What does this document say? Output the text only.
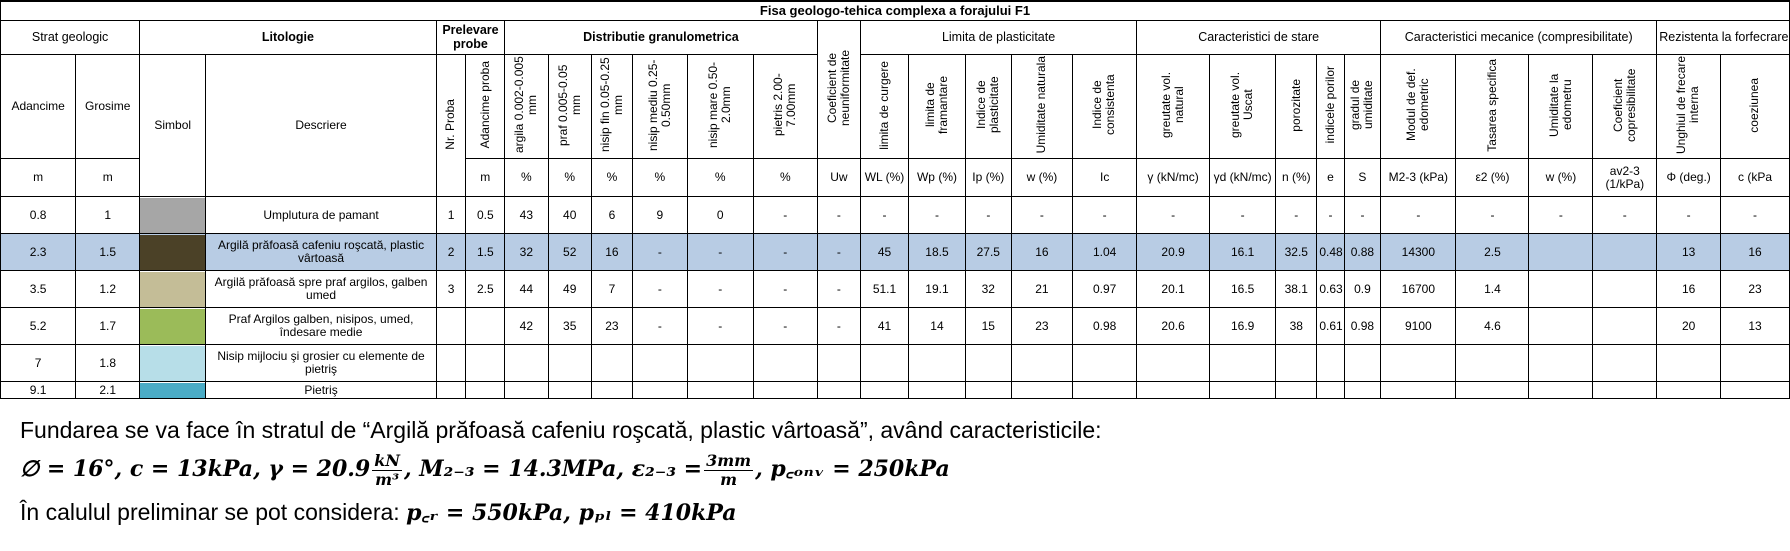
Fisa geologo-tehica complexa a forajului F1																												
Strat geologic		Litologie		Prelevare probe		Distributie granulometrica						Coeficient de neuniformitate	Limita de plasticitate					Caracteristici de stare					Caracteristici mecanice (compresibilitate)				Rezistenta la forfecrare	
Adancime	Grosime	Simbol	Descriere	Nr. Proba	Adancime proba	argila 0.002-0.005 mm	praf 0.005-0.05 mm	nisip fin 0.05-0.25 mm	nisip mediu 0.25-0.50mm	nisip mare 0.50-2.0mm	pietris 2.00-7.00mm		limita de curgere	limita de framantare	Indice de plasticitate	Umiditate naturala	Indice de consistenta	greutate vol. natural	greutate vol. Uscat	porozitate	indicele porilor	gradul de umiditate	Modul de def. edometric	Tasarea specifica	Umiditate la edometru	Coeficient copresibilitate	Unghiul de frecare interna	coeziunea
m	m				m	%	%	%	%	%	%	Uw	WL (%)	Wp (%)	Ip (%)	w (%)	Ic	γ (kN/mc)	γd (kN/mc)	n (%)	e	S	M2-3 (kPa)	ε2 (%)	w (%)	av2-3 (1/kPa)	Φ (deg.)	c (kPa
0.8	1		Umplutura de pamant	1	0.5	43	40	6	9	0	-	-	-	-	-	-	-	-	-	-	-	-	-	-	-	-	-	-
2.3	1.5		Argilă prăfoasă cafeniu roşcată, plastic vârtoasă	2	1.5	32	52	16	-	-	-	-	45	18.5	27.5	16	1.04	20.9	16.1	32.5	0.48	0.88	14300	2.5			13	16
3.5	1.2		Argilă prăfoasă spre praf argilos, galben umed	3	2.5	44	49	7	-	-	-	-	51.1	19.1	32	21	0.97	20.1	16.5	38.1	0.63	0.9	16700	1.4			16	23
5.2	1.7		Praf Argilos galben, nisipos, umed, îndesare medie			42	35	23	-	-	-	-	41	14	15	23	0.98	20.6	16.9	38	0.61	0.98	9100	4.6			20	13
7	1.8		Nisip mijlociu şi grosier cu elemente de pietriş																									
9.1	2.1		Pietriş																									
Fundarea se va face în stratul de “Argilă prăfoasă cafeniu roşcată, plastic vârtoasă”, având caracteristicile:
∅ = 16°, c = 13kPa, $\gamma = 20.9 \frac{kN}{\text{m³}}$ , M₂₋₃ = 14.3MPa, $\varepsilon_{2-3} = \frac{3mm}{m}$ , p꜀ₒₙᵥ = 250kPa
În calulul preliminar se pot considera: p꜀ᵣ = 550kPa, pₚₗ = 410kPa
